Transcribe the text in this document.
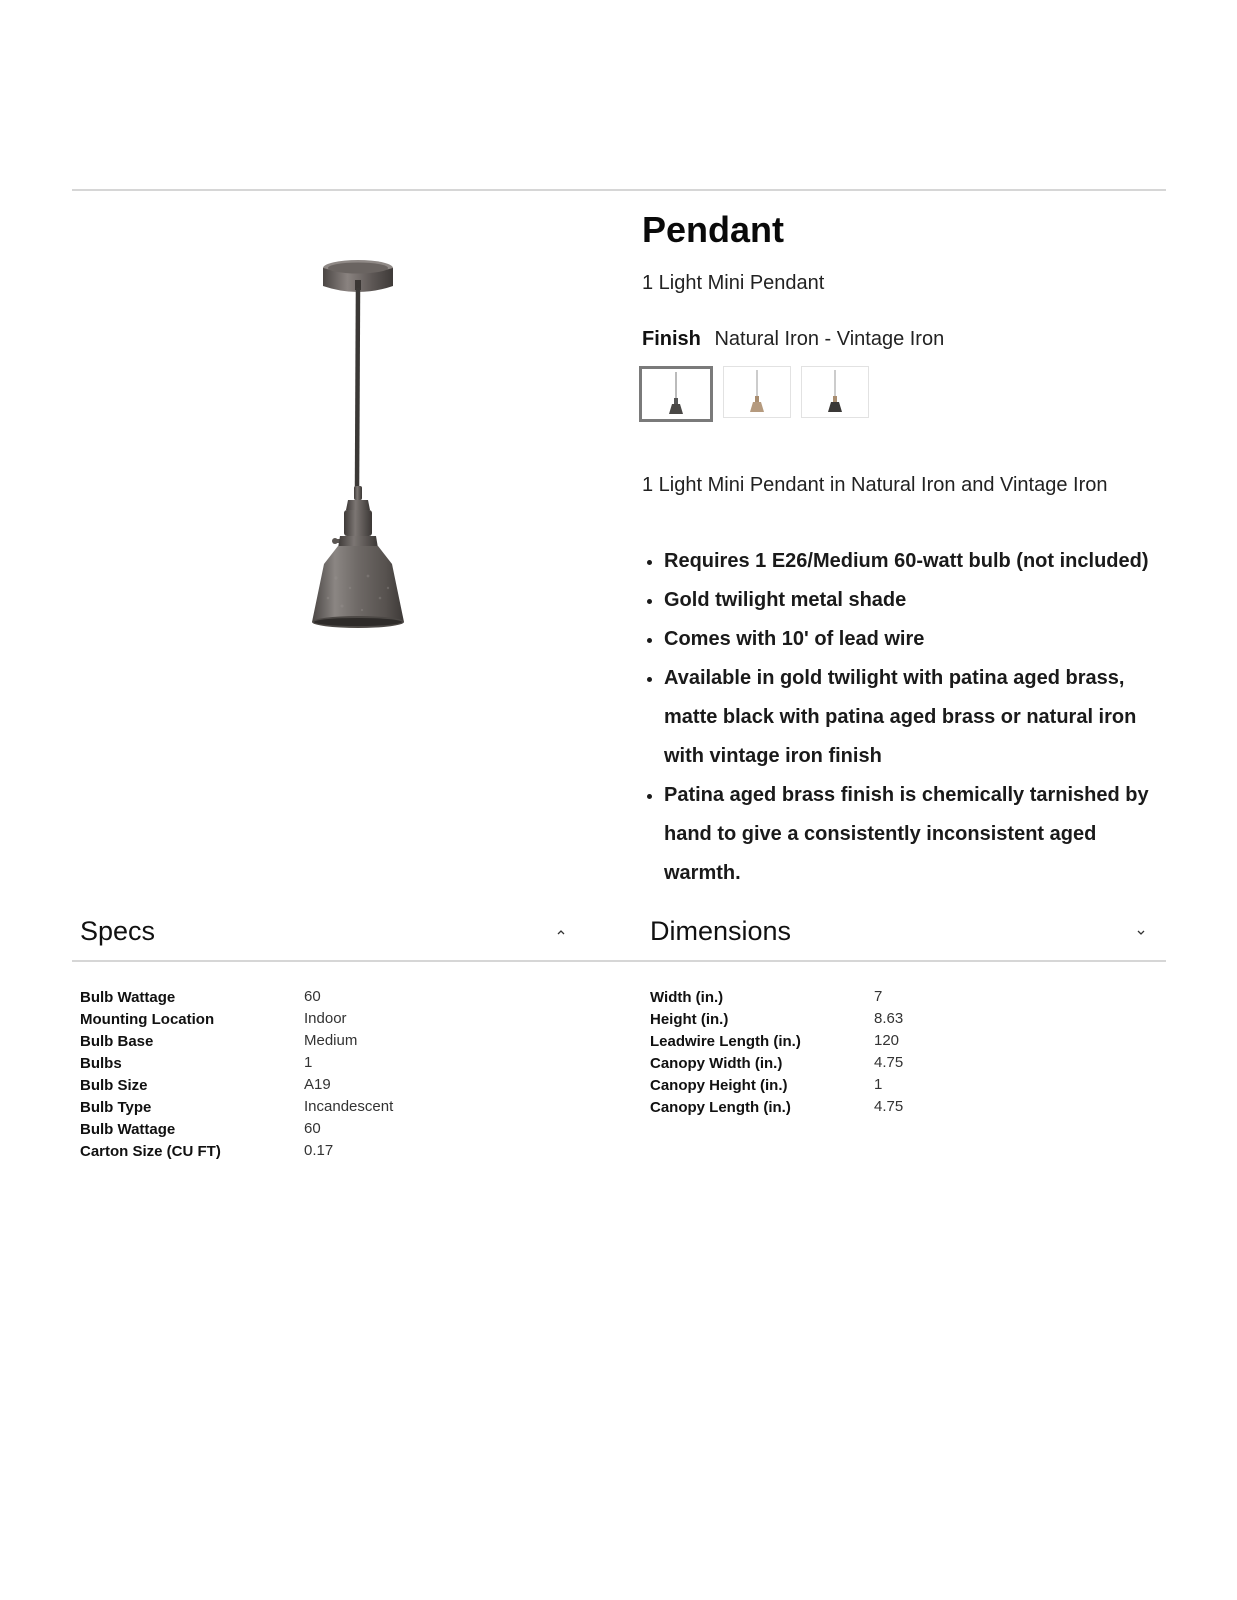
Pendant
1 Light Mini Pendant
Finish Natural Iron - Vintage Iron
1 Light Mini Pendant in Natural Iron and Vintage Iron
• Requires 1 E26/Medium 60-watt bulb (not included)
• Gold twilight metal shade
• Comes with 10' of lead wire
• Available in gold twilight with patina aged brass, matte black with patina aged brass or natural iron with vintage iron finish
• Patina aged brass finish is chemically tarnished by hand to give a consistently inconsistent aged warmth.
Specs
Bulb Wattage	60
Mounting Location	Indoor
Bulb Base	Medium
Bulbs	1
Bulb Size	A19
Bulb Type	Incandescent
Bulb Wattage	60
Carton Size (CU FT)	0.17
Dimensions
Width (in.)	7
Height (in.)	8.63
Leadwire Length (in.)	120
Canopy Width (in.)	4.75
Canopy Height (in.)	1
Canopy Length (in.)	4.75
